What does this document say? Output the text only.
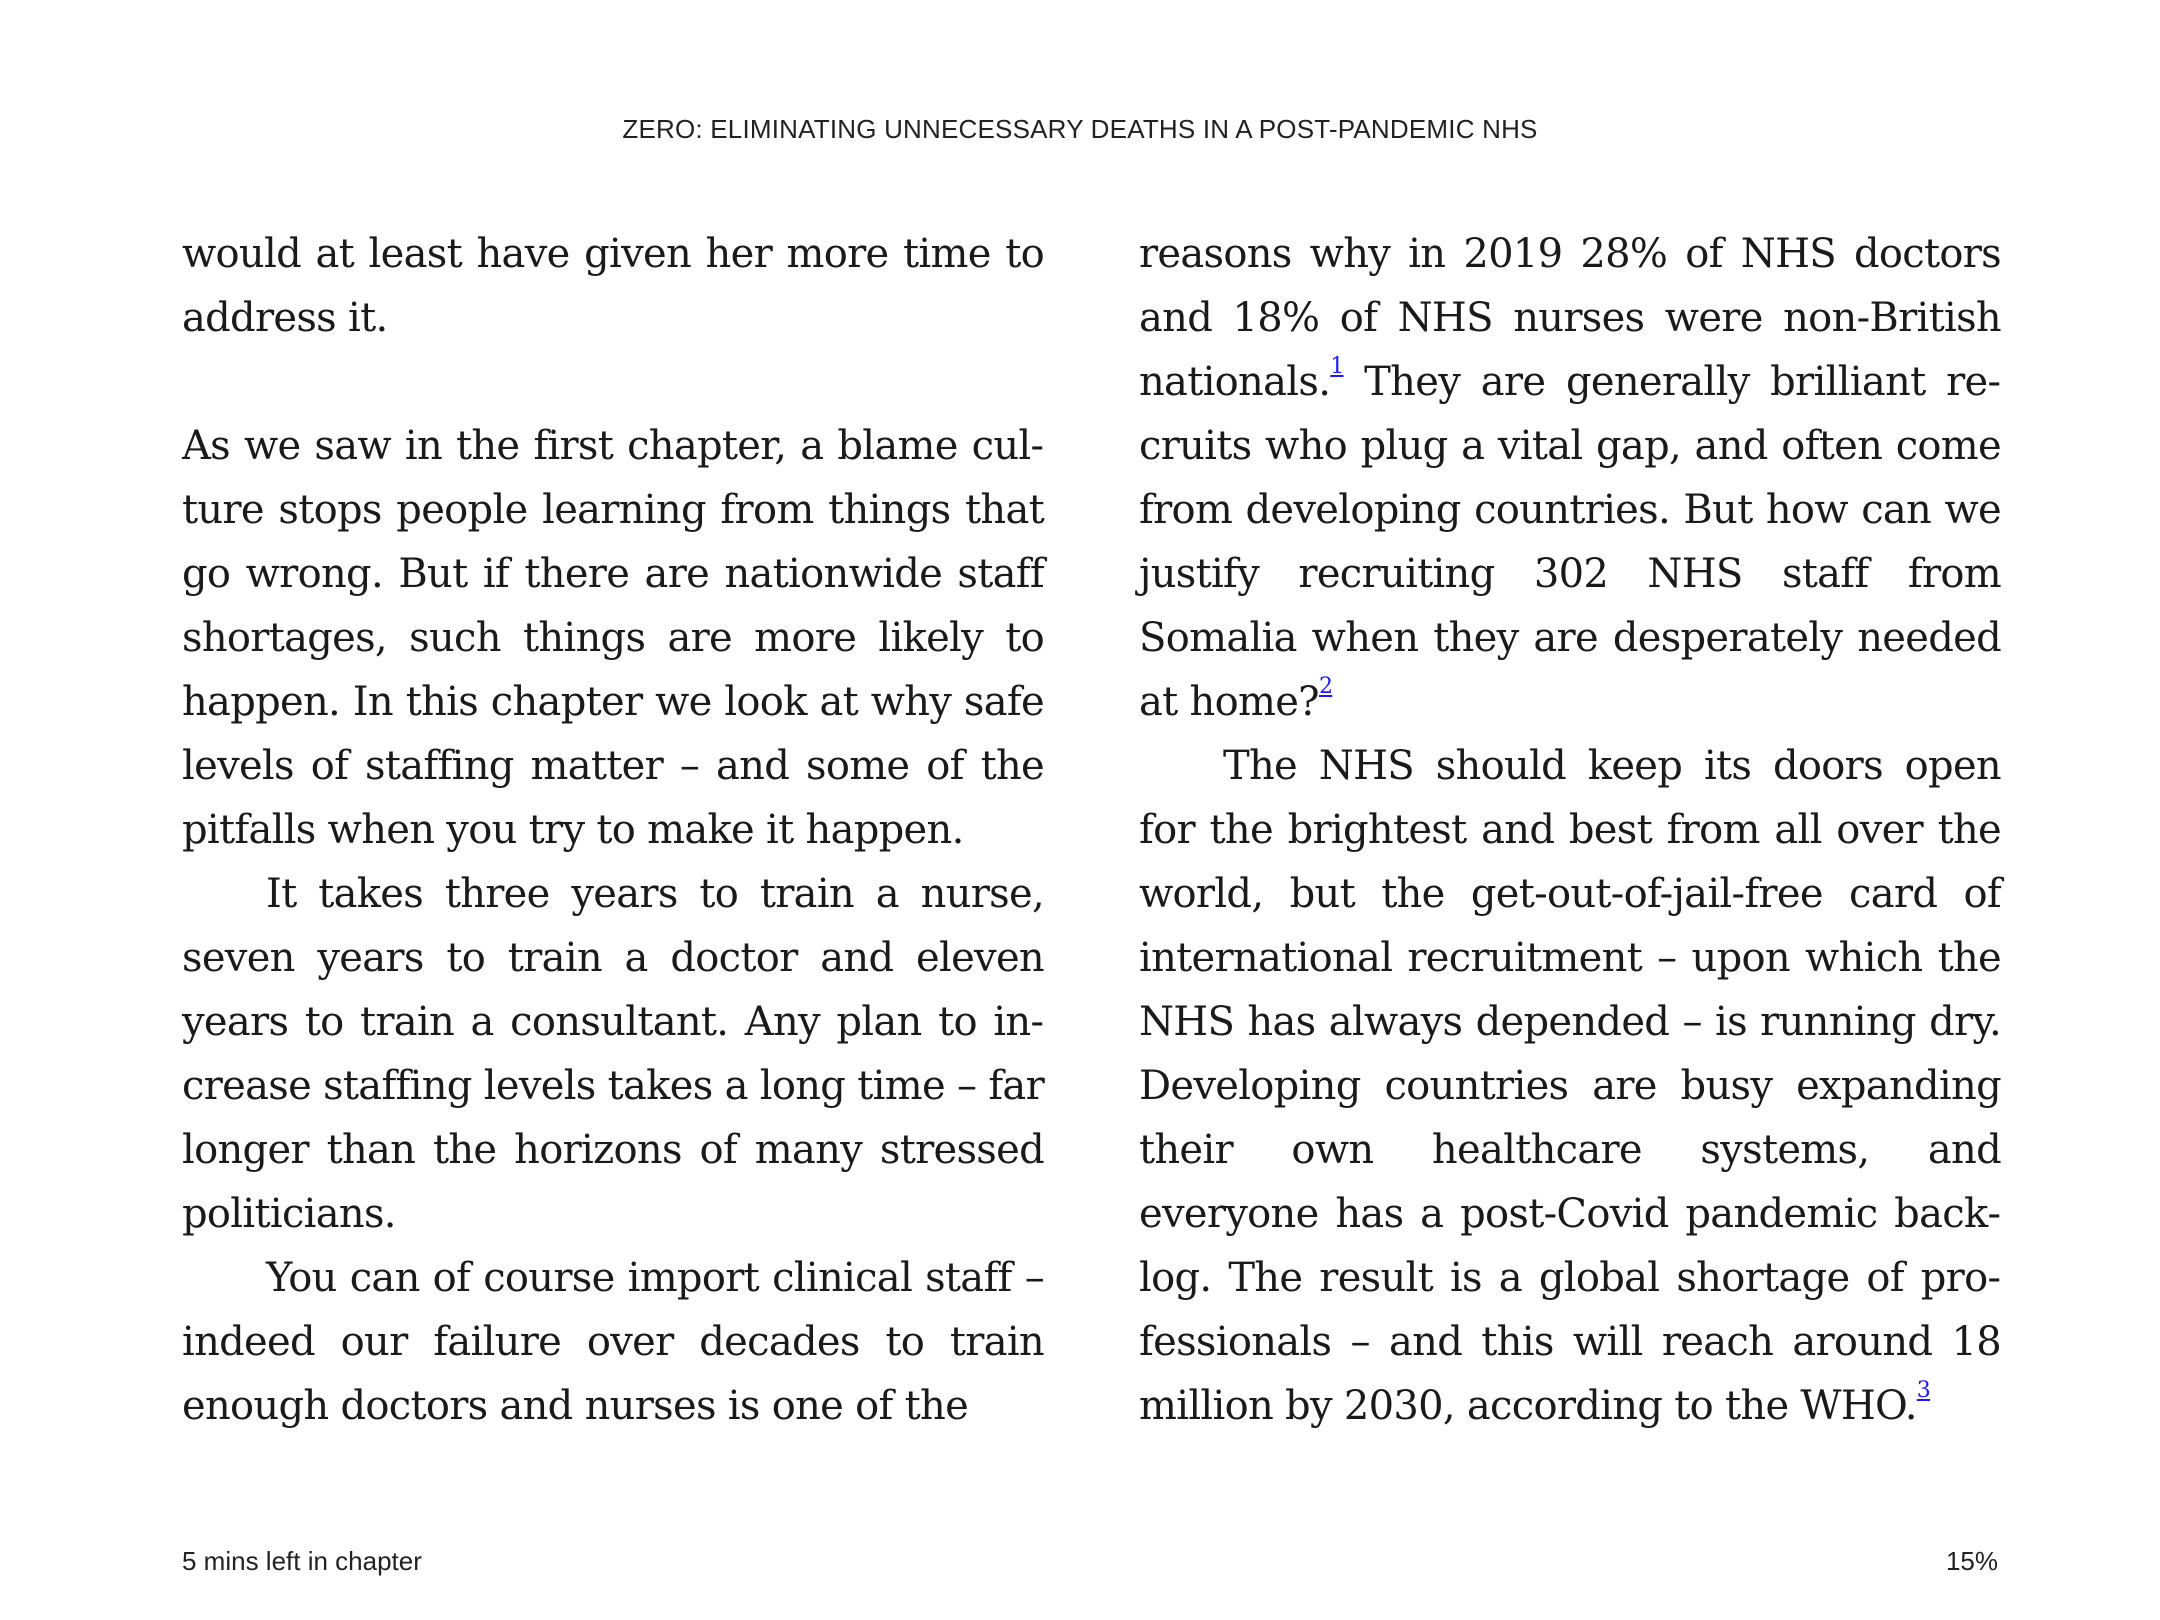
ZERO: ELIMINATING UNNECESSARY DEATHS IN A POST-PANDEMIC NHS

would at least have given her more time to address it.

As we saw in the first chapter, a blame culture stops people learning from things that go wrong. But if there are nationwide staff shortages, such things are more likely to happen. In this chapter we look at why safe levels of staffing matter – and some of the pitfalls when you try to make it happen.

It takes three years to train a nurse, seven years to train a doctor and eleven years to train a consultant. Any plan to increase staffing levels takes a long time – far longer than the horizons of many stressed politicians.

You can of course import clinical staff – indeed our failure over decades to train enough doctors and nurses is one of the

reasons why in 2019 28% of NHS doctors and 18% of NHS nurses were non-British nationals.$^1$ They are generally brilliant recruits who plug a vital gap, and often come from developing countries. But how can we justify recruiting 302 NHS staff from Somalia when they are desperately needed at home?$^2$

The NHS should keep its doors open for the brightest and best from all over the world, but the get-out-of-jail-free card of international recruitment – upon which the NHS has always depended – is running dry. Developing countries are busy expanding their own healthcare systems, and everyone has a post-Covid pandemic backlog. The result is a global shortage of professionals – and this will reach around 18 million by 2030, according to the WHO.$^3$

5 mins left in chapter	15%
